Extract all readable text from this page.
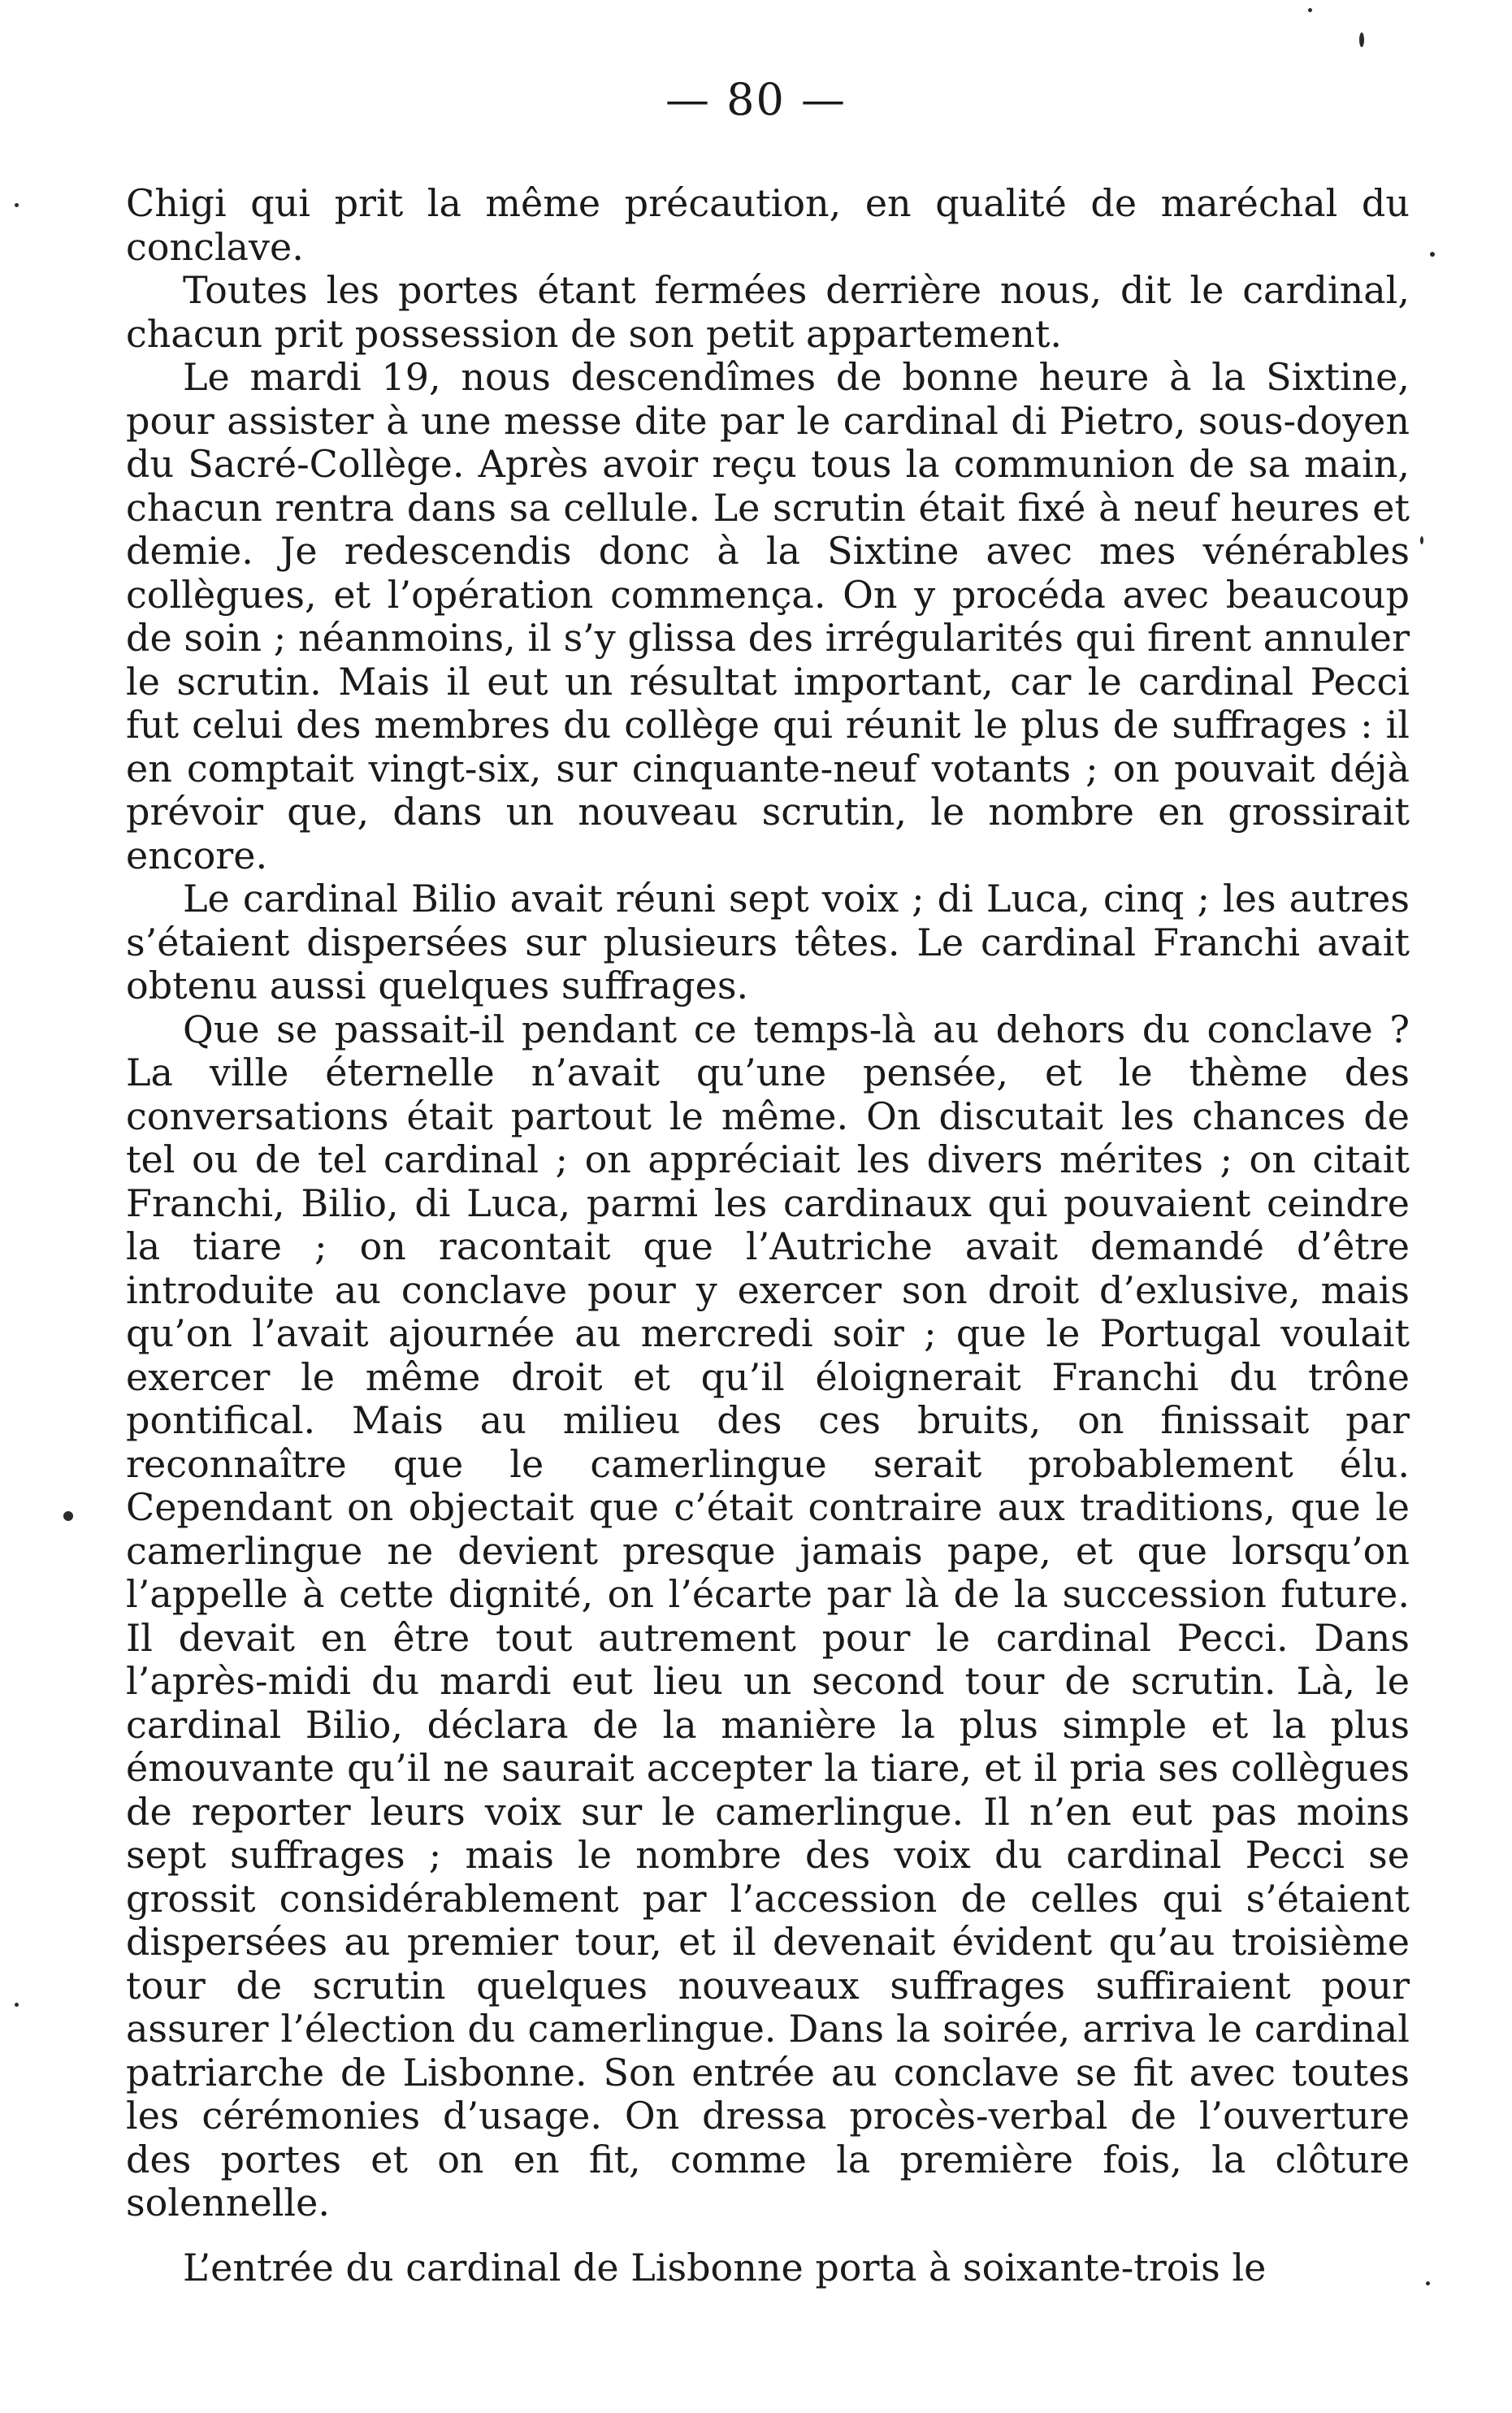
— 80 —

Chigi qui prit la même précaution, en qualité de maréchal du conclave.

Toutes les portes étant fermées derrière nous, dit le cardinal, chacun prit possession de son petit appartement.

Le mardi 19, nous descendîmes de bonne heure à la Sixtine, pour assister à une messe dite par le cardinal di Pietro, sous-doyen du Sacré-Collège. Après avoir reçu tous la communion de sa main, chacun rentra dans sa cellule. Le scrutin était fixé à neuf heures et demie. Je redescendis donc à la Sixtine avec mes vénérables collègues, et l’opération commença. On y procéda avec beaucoup de soin ; néanmoins, il s’y glissa des irrégularités qui firent annuler le scrutin. Mais il eut un résultat important, car le cardinal Pecci fut celui des membres du collège qui réunit le plus de suffrages : il en comptait vingt-six, sur cinquante-neuf votants ; on pouvait déjà prévoir que, dans un nouveau scrutin, le nombre en grossirait encore.

Le cardinal Bilio avait réuni sept voix ; di Luca, cinq ; les autres s’étaient dispersées sur plusieurs têtes. Le cardinal Franchi avait obtenu aussi quelques suffrages.

Que se passait-il pendant ce temps-là au dehors du conclave ? La ville éternelle n’avait qu’une pensée, et le thème des conversations était partout le même. On discutait les chances de tel ou de tel cardinal ; on appréciait les divers mérites ; on citait Franchi, Bilio, di Luca, parmi les cardinaux qui pouvaient ceindre la tiare ; on racontait que l’Autriche avait demandé d’être introduite au conclave pour y exercer son droit d’exlusive, mais qu’on l’avait ajournée au mercredi soir ; que le Portugal voulait exercer le même droit et qu’il éloignerait Franchi du trône pontifical. Mais au milieu des ces bruits, on finissait par reconnaître que le camerlingue serait probablement élu. Cependant on objectait que c’était contraire aux traditions, que le camerlingue ne devient presque jamais pape, et que lorsqu’on l’appelle à cette dignité, on l’écarte par là de la succession future. Il devait en être tout autrement pour le cardinal Pecci. Dans l’après-midi du mardi eut lieu un second tour de scrutin. Là, le cardinal Bilio, déclara de la manière la plus simple et la plus émouvante qu’il ne saurait accepter la tiare, et il pria ses collègues de reporter leurs voix sur le camerlingue. Il n’en eut pas moins sept suffrages ; mais le nombre des voix du cardinal Pecci se grossit considérablement par l’accession de celles qui s’étaient dispersées au premier tour, et il devenait évident qu’au troisième tour de scrutin quelques nouveaux suffrages suffiraient pour assurer l’élection du camerlingue. Dans la soirée, arriva le cardinal patriarche de Lisbonne. Son entrée au conclave se fit avec toutes les cérémonies d’usage. On dressa procès-verbal de l’ouverture des portes et on en fit, comme la première fois, la clôture solennelle.

L’entrée du cardinal de Lisbonne porta à soixante-trois le
